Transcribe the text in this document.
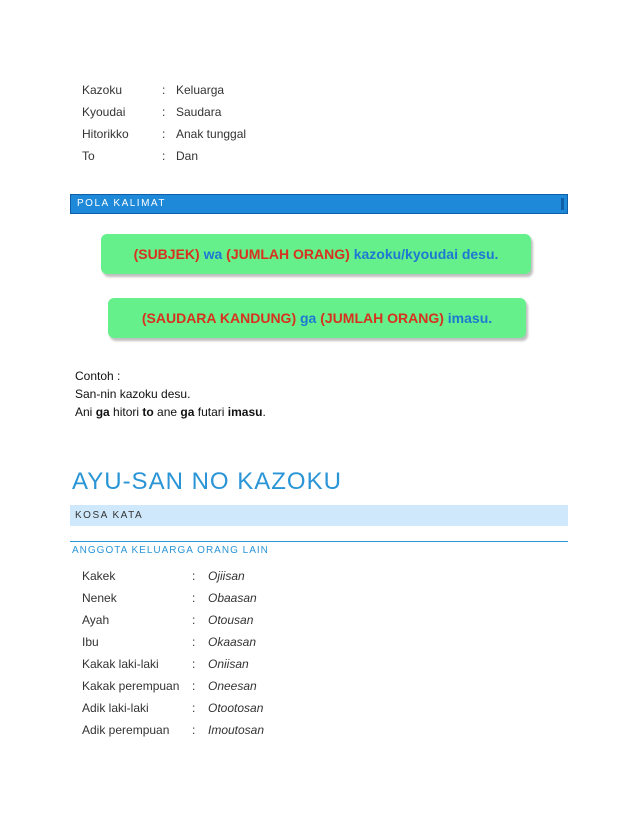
Kazoku	: Keluarga
Kyoudai	: Saudara
Hitorikko	: Anak tunggal
To	: Dan
POLA KALIMAT
(SUBJEK) wa (JUMLAH ORANG) kazoku/kyoudai desu.
(SAUDARA KANDUNG) ga (JUMLAH ORANG) imasu.
Contoh :
San-nin kazoku desu.
Ani ga hitori to ane ga futari imasu.
AYU-SAN NO KAZOKU
KOSA KATA
ANGGOTA KELUARGA ORANG LAIN
Kakek	: Ojiisan
Nenek	: Obaasan
Ayah	: Otousan
Ibu	: Okaasan
Kakak laki-laki	: Oniisan
Kakak perempuan : Oneesan
Adik laki-laki	: Otootosan
Adik perempuan : Imoutosan
